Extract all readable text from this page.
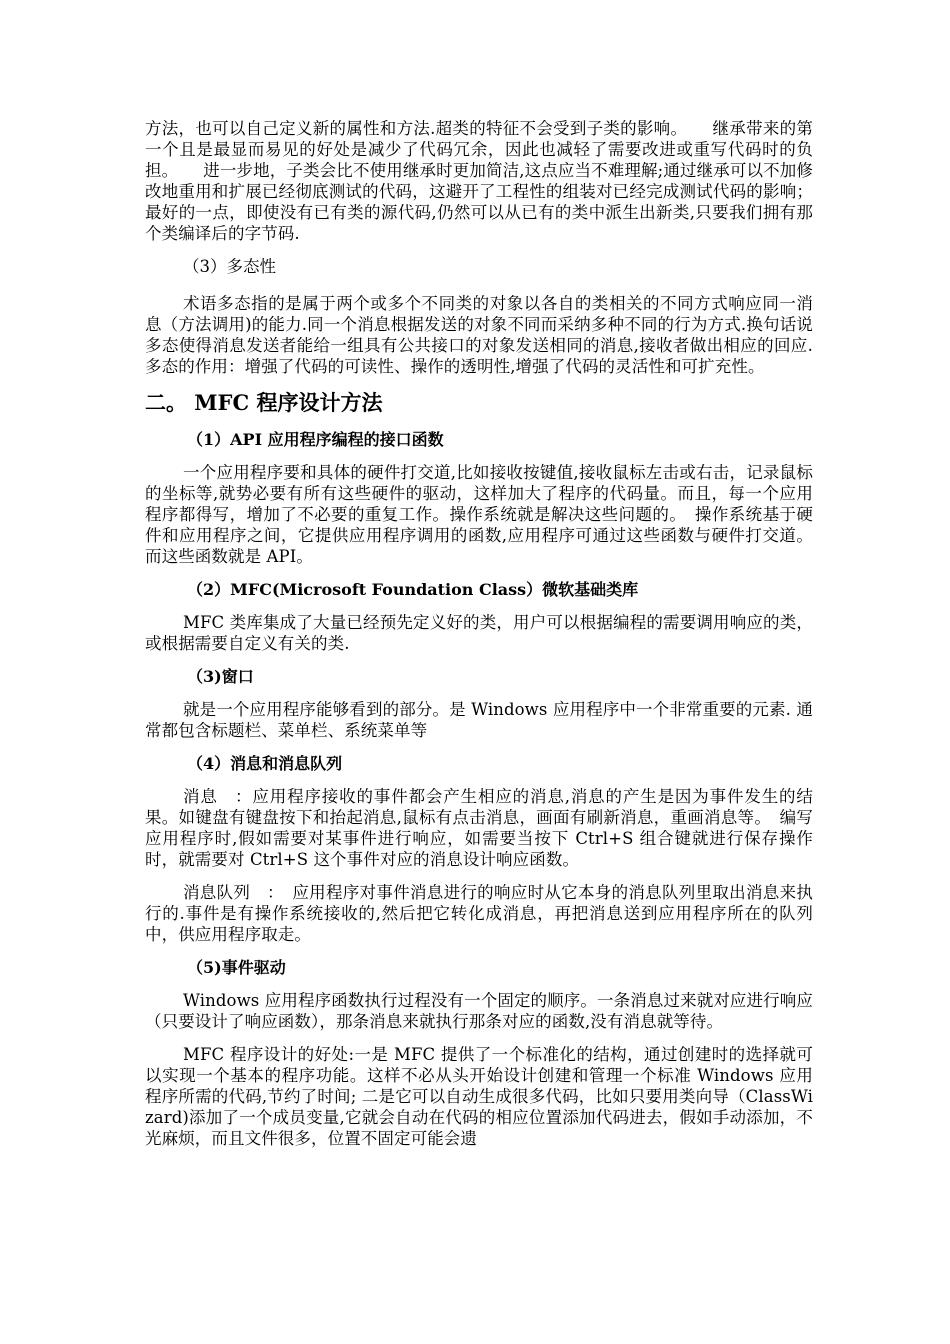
方法，也可以自己定义新的属性和方法.超类的特征不会受到子类的影响。　　继承带来的第一个且是最显而易见的好处是减少了代码冗余，因此也减轻了需要改进或重写代码时的负担。　　进一步地，子类会比不使用继承时更加简洁,这点应当不难理解;通过继承可以不加修改地重用和扩展已经彻底测试的代码，这避开了工程性的组装对已经完成测试代码的影响；最好的一点，即使没有已有类的源代码,仍然可以从已有的类中派生出新类,只要我们拥有那个类编译后的字节码.
（3）多态性
术语多态指的是属于两个或多个不同类的对象以各自的类相关的不同方式响应同一消息（方法调用)的能力.同一个消息根据发送的对象不同而采纳多种不同的行为方式.换句话说多态使得消息发送者能给一组具有公共接口的对象发送相同的消息,接收者做出相应的回应. 多态的作用：增强了代码的可读性、操作的透明性,增强了代码的灵活性和可扩充性。
二。 MFC 程序设计方法
（1）API 应用程序编程的接口函数
一个应用程序要和具体的硬件打交道,比如接收按键值,接收鼠标左击或右击，记录鼠标的坐标等,就势必要有所有这些硬件的驱动，这样加大了程序的代码量。而且，每一个应用程序都得写，增加了不必要的重复工作。操作系统就是解决这些问题的。　操作系统基于硬件和应用程序之间，它提供应用程序调用的函数,应用程序可通过这些函数与硬件打交道。而这些函数就是 API。
（2）MFC(Microsoft Foundation Class）微软基础类库
MFC 类库集成了大量已经预先定义好的类，用户可以根据编程的需要调用响应的类，或根据需要自定义有关的类.
（3)窗口
就是一个应用程序能够看到的部分。是 Windows 应用程序中一个非常重要的元素. 通常都包含标题栏、菜单栏、系统菜单等
（4）消息和消息队列
消息　：应用程序接收的事件都会产生相应的消息,消息的产生是因为事件发生的结果。如键盘有键盘按下和抬起消息,鼠标有点击消息，画面有刷新消息，重画消息等。　编写应用程序时,假如需要对某事件进行响应，如需要当按下 Ctrl+S 组合键就进行保存操作时，就需要对 Ctrl+S 这个事件对应的消息设计响应函数。
消息队列　：　应用程序对事件消息进行的响应时从它本身的消息队列里取出消息来执行的.事件是有操作系统接收的,然后把它转化成消息，再把消息送到应用程序所在的队列中，供应用程序取走。
（5)事件驱动
Windows 应用程序函数执行过程没有一个固定的顺序。一条消息过来就对应进行响应（只要设计了响应函数），那条消息来就执行那条对应的函数,没有消息就等待。
MFC 程序设计的好处:一是 MFC 提供了一个标准化的结构，通过创建时的选择就可以实现一个基本的程序功能。这样不必从头开始设计创建和管理一个标准 Windows 应用程序所需的代码,节约了时间; 二是它可以自动生成很多代码，比如只要用类向导（ClassWizard)添加了一个成员变量,它就会自动在代码的相应位置添加代码进去，假如手动添加，不光麻烦，而且文件很多，位置不固定可能会遗
